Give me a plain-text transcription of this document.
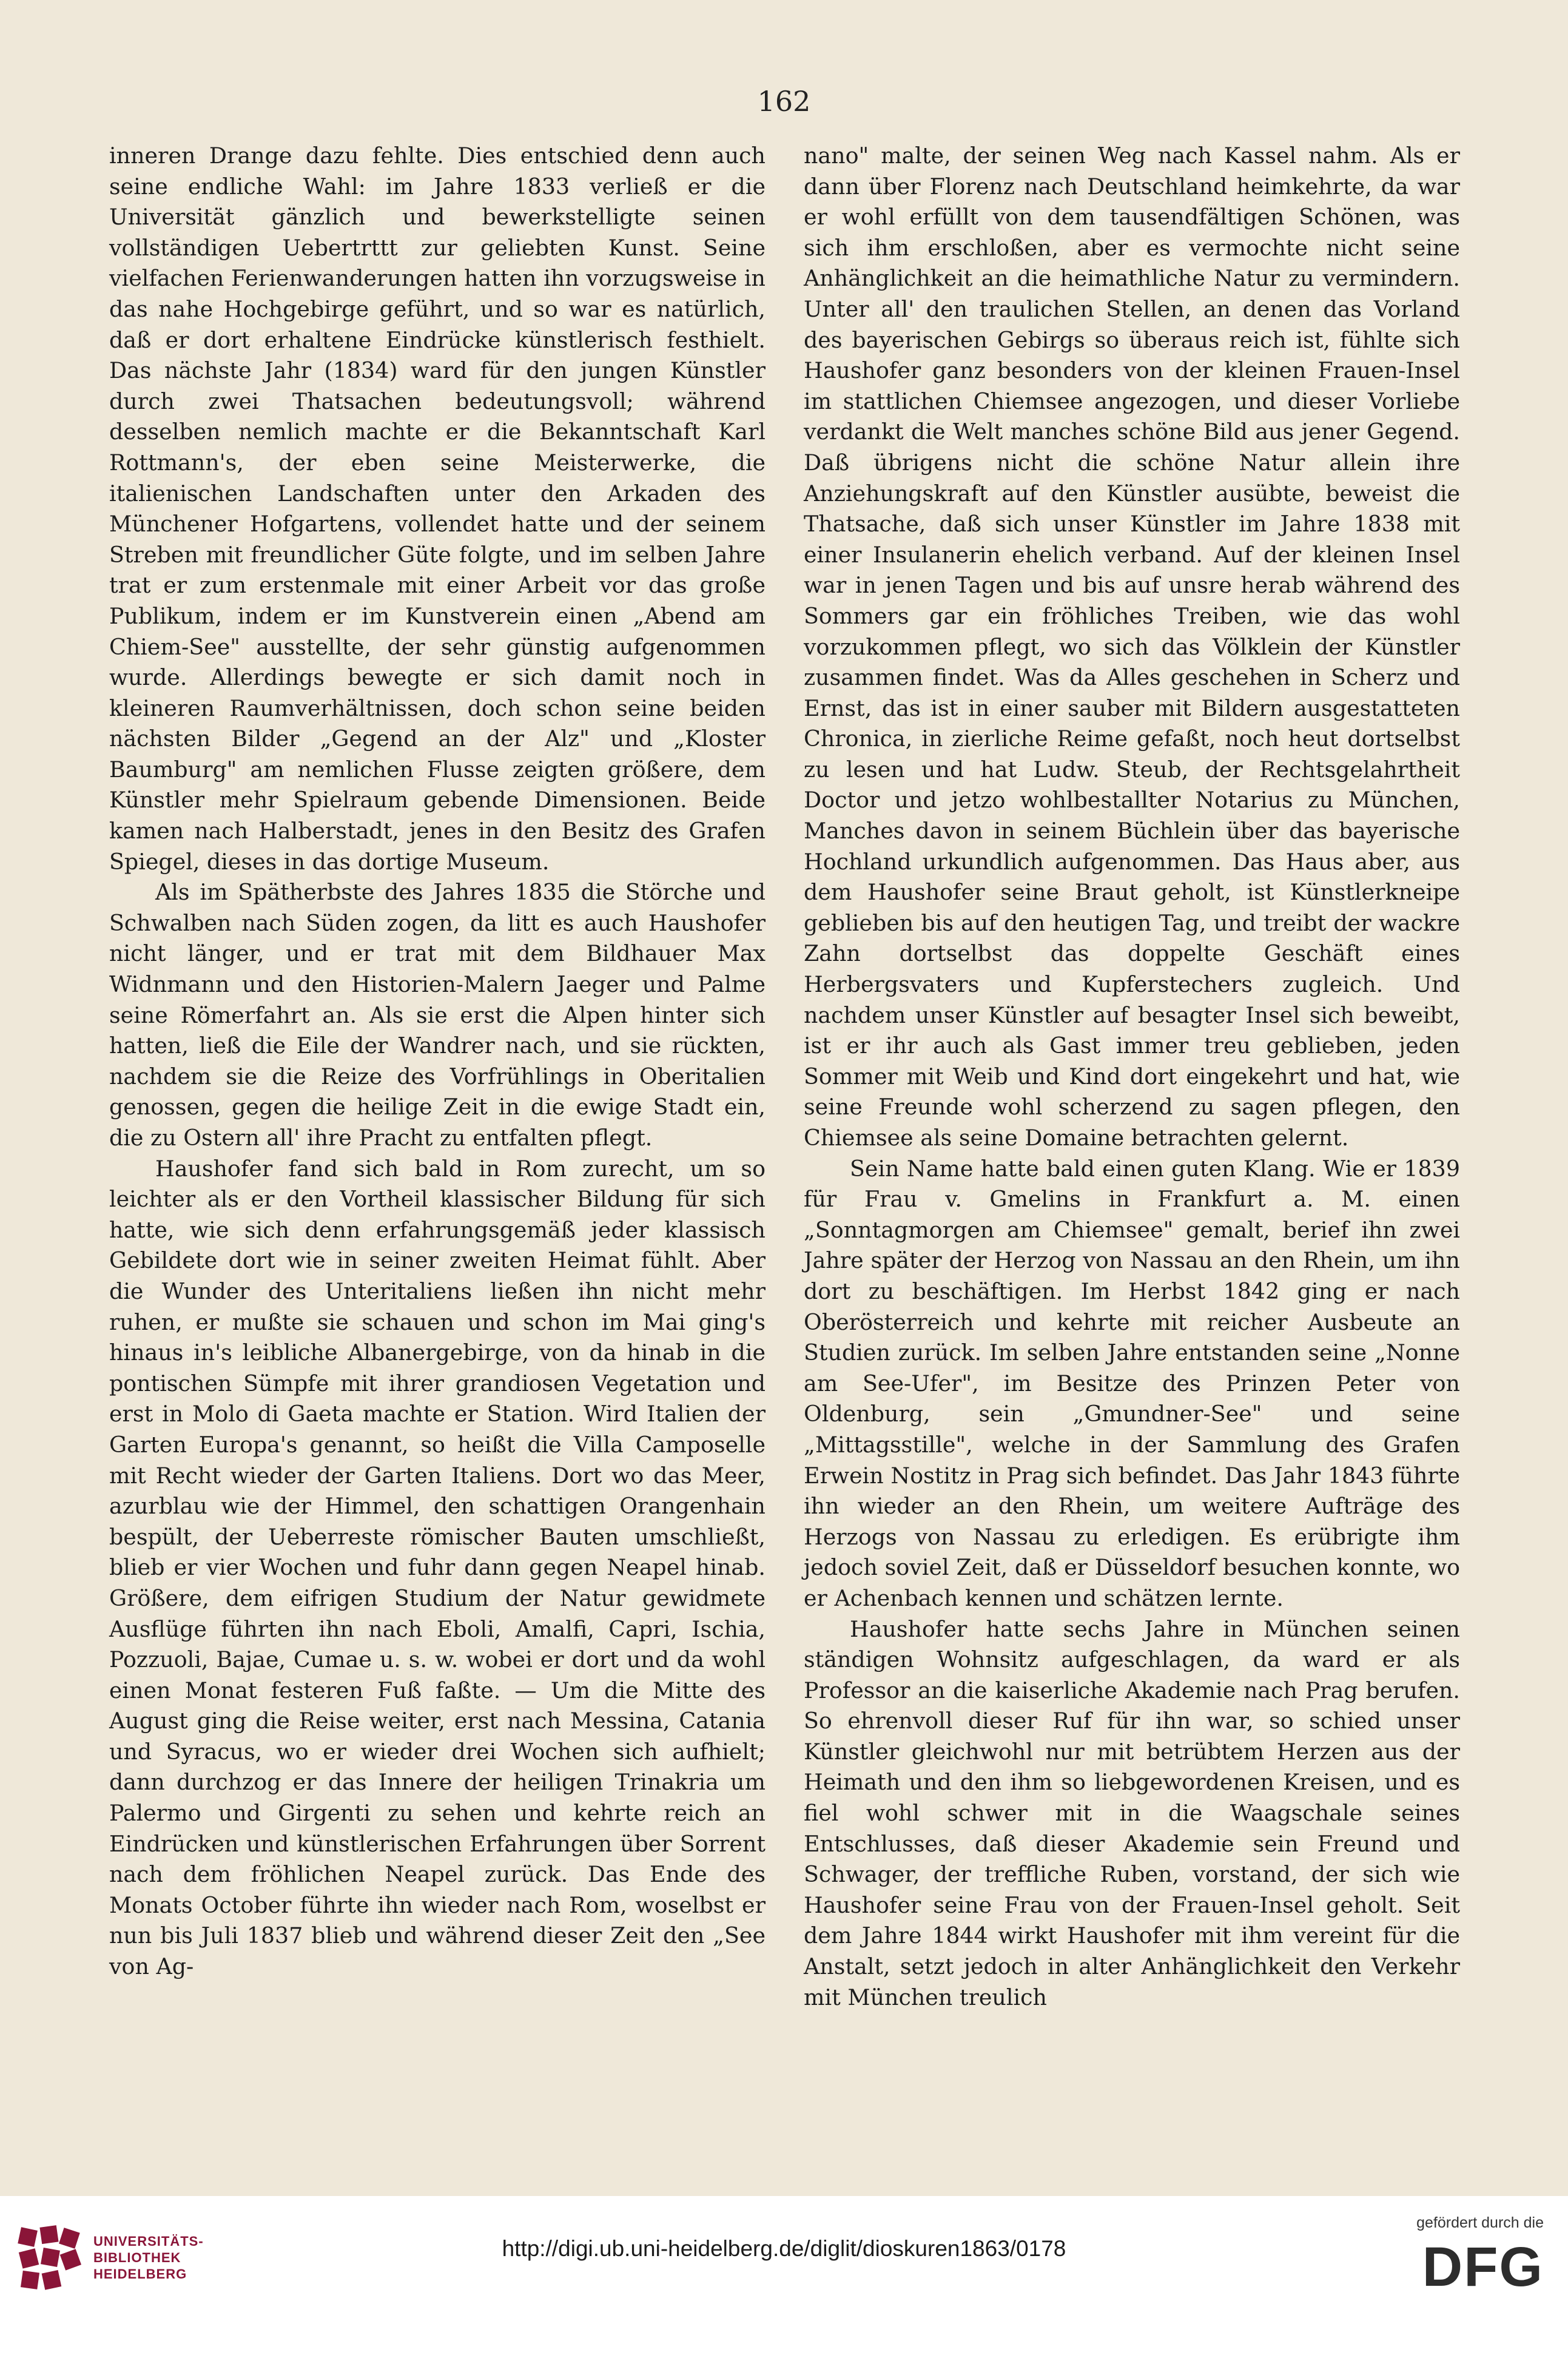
162

inneren Drange dazu fehlte. Dies entschied denn auch seine endliche Wahl: im Jahre 1833 verließ er die Universität gänzlich und bewerkstelligte seinen vollständigen Uebertrttt zur geliebten Kunst. Seine vielfachen Ferienwanderungen hatten ihn vorzugsweise in das nahe Hochgebirge geführt, und so war es natürlich, daß er dort erhaltene Eindrücke künstlerisch festhielt. Das nächste Jahr (1834) ward für den jungen Künstler durch zwei Thatsachen bedeutungsvoll; während desselben nemlich machte er die Bekanntschaft Karl Rottmann's, der eben seine Meisterwerke, die italienischen Landschaften unter den Arkaden des Münchener Hofgartens, vollendet hatte und der seinem Streben mit freundlicher Güte folgte, und im selben Jahre trat er zum erstenmale mit einer Arbeit vor das große Publikum, indem er im Kunstverein einen „Abend am Chiem-See" ausstellte, der sehr günstig aufgenommen wurde. Allerdings bewegte er sich damit noch in kleineren Raumverhältnissen, doch schon seine beiden nächsten Bilder „Gegend an der Alz" und „Kloster Baumburg" am nemlichen Flusse zeigten größere, dem Künstler mehr Spielraum gebende Dimensionen. Beide kamen nach Halberstadt, jenes in den Besitz des Grafen Spiegel, dieses in das dortige Museum.

Als im Spätherbste des Jahres 1835 die Störche und Schwalben nach Süden zogen, da litt es auch Haushofer nicht länger, und er trat mit dem Bildhauer Max Widnmann und den Historien-Malern Jaeger und Palme seine Römerfahrt an. Als sie erst die Alpen hinter sich hatten, ließ die Eile der Wandrer nach, und sie rückten, nachdem sie die Reize des Vorfrühlings in Oberitalien genossen, gegen die heilige Zeit in die ewige Stadt ein, die zu Ostern all' ihre Pracht zu entfalten pflegt.

Haushofer fand sich bald in Rom zurecht, um so leichter als er den Vortheil klassischer Bildung für sich hatte, wie sich denn erfahrungsgemäß jeder klassisch Gebildete dort wie in seiner zweiten Heimat fühlt. Aber die Wunder des Unteritaliens ließen ihn nicht mehr ruhen, er mußte sie schauen und schon im Mai ging's hinaus in's leibliche Albanergebirge, von da hinab in die pontischen Sümpfe mit ihrer grandiosen Vegetation und erst in Molo di Gaeta machte er Station. Wird Italien der Garten Europa's genannt, so heißt die Villa Camposelle mit Recht wieder der Garten Italiens. Dort wo das Meer, azurblau wie der Himmel, den schattigen Orangenhain bespült, der Ueberreste römischer Bauten umschließt, blieb er vier Wochen und fuhr dann gegen Neapel hinab. Größere, dem eifrigen Studium der Natur gewidmete Ausflüge führten ihn nach Eboli, Amalfi, Capri, Ischia, Pozzuoli, Bajae, Cumae u. s. w. wobei er dort und da wohl einen Monat festeren Fuß faßte. — Um die Mitte des August ging die Reise weiter, erst nach Messina, Catania und Syracus, wo er wieder drei Wochen sich aufhielt; dann durchzog er das Innere der heiligen Trinakria um Palermo und Girgenti zu sehen und kehrte reich an Eindrücken und künstlerischen Erfahrungen über Sorrent nach dem fröhlichen Neapel zurück. Das Ende des Monats October führte ihn wieder nach Rom, woselbst er nun bis Juli 1837 blieb und während dieser Zeit den „See von Ag-

nano" malte, der seinen Weg nach Kassel nahm. Als er dann über Florenz nach Deutschland heimkehrte, da war er wohl erfüllt von dem tausendfältigen Schönen, was sich ihm erschloßen, aber es vermochte nicht seine Anhänglichkeit an die heimathliche Natur zu vermindern. Unter all' den traulichen Stellen, an denen das Vorland des bayerischen Gebirgs so überaus reich ist, fühlte sich Haushofer ganz besonders von der kleinen Frauen-Insel im stattlichen Chiemsee angezogen, und dieser Vorliebe verdankt die Welt manches schöne Bild aus jener Gegend. Daß übrigens nicht die schöne Natur allein ihre Anziehungskraft auf den Künstler ausübte, beweist die Thatsache, daß sich unser Künstler im Jahre 1838 mit einer Insulanerin ehelich verband. Auf der kleinen Insel war in jenen Tagen und bis auf unsre herab während des Sommers gar ein fröhliches Treiben, wie das wohl vorzukommen pflegt, wo sich das Völklein der Künstler zusammen findet. Was da Alles geschehen in Scherz und Ernst, das ist in einer sauber mit Bildern ausgestatteten Chronica, in zierliche Reime gefaßt, noch heut dortselbst zu lesen und hat Ludw. Steub, der Rechtsgelahrtheit Doctor und jetzo wohlbestallter Notarius zu München, Manches davon in seinem Büchlein über das bayerische Hochland urkundlich aufgenommen. Das Haus aber, aus dem Haushofer seine Braut geholt, ist Künstlerkneipe geblieben bis auf den heutigen Tag, und treibt der wackre Zahn dortselbst das doppelte Geschäft eines Herbergsvaters und Kupferstechers zugleich. Und nachdem unser Künstler auf besagter Insel sich beweibt, ist er ihr auch als Gast immer treu geblieben, jeden Sommer mit Weib und Kind dort eingekehrt und hat, wie seine Freunde wohl scherzend zu sagen pflegen, den Chiemsee als seine Domaine betrachten gelernt.

Sein Name hatte bald einen guten Klang. Wie er 1839 für Frau v. Gmelins in Frankfurt a. M. einen „Sonntagmorgen am Chiemsee" gemalt, berief ihn zwei Jahre später der Herzog von Nassau an den Rhein, um ihn dort zu beschäftigen. Im Herbst 1842 ging er nach Oberösterreich und kehrte mit reicher Ausbeute an Studien zurück. Im selben Jahre entstanden seine „Nonne am See-Ufer", im Besitze des Prinzen Peter von Oldenburg, sein „Gmundner-See" und seine „Mittagsstille", welche in der Sammlung des Grafen Erwein Nostitz in Prag sich befindet. Das Jahr 1843 führte ihn wieder an den Rhein, um weitere Aufträge des Herzogs von Nassau zu erledigen. Es erübrigte ihm jedoch soviel Zeit, daß er Düsseldorf besuchen konnte, wo er Achenbach kennen und schätzen lernte.

Haushofer hatte sechs Jahre in München seinen ständigen Wohnsitz aufgeschlagen, da ward er als Professor an die kaiserliche Akademie nach Prag berufen. So ehrenvoll dieser Ruf für ihn war, so schied unser Künstler gleichwohl nur mit betrübtem Herzen aus der Heimath und den ihm so liebgewordenen Kreisen, und es fiel wohl schwer mit in die Waagschale seines Entschlusses, daß dieser Akademie sein Freund und Schwager, der treffliche Ruben, vorstand, der sich wie Haushofer seine Frau von der Frauen-Insel geholt. Seit dem Jahre 1844 wirkt Haushofer mit ihm vereint für die Anstalt, setzt jedoch in alter Anhänglichkeit den Verkehr mit München treulich

UNIVERSITÄTS-
BIBLIOTHEK
HEIDELBERG
http://digi.ub.uni-heidelberg.de/diglit/dioskuren1863/0178
gefördert durch die
DFG
